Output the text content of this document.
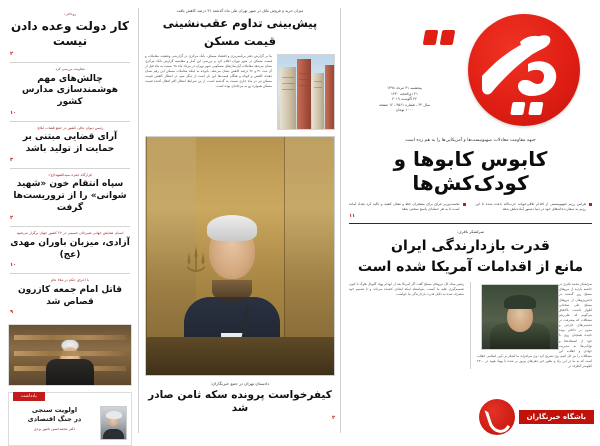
روحانی:
کار دولت وعده دادن نیست
۲
معاونت بررسی کرد
چالش‌های مهم هوشمندسازی مدارس کشور
۱۰
رئیس دیوان عالی کشور در جمع قضات ابلاغ:
آرای قضایی مبتنی بر حمایت از تولید باشد
۳
قرارگاه حمزه سیدالشهدا(ع):
سپاه انتقام خون «شهید شوانی» را از تروریست‌ها گرفت
۲
انسان همایش جهانی شیردلان حسینی در ۲۷ کشور جهان برگزار می‌شود
آزادی، میزبان باوران مهدی (عج)
۱۰
با اجرای حکم در ملاء عام
قاتل امام جمعه کازرون قصاص شد
۹
یادداشت
اولویت سنجی
در جنگ اقتصادی
دکتر محمدحسن نامور یزدی
میزان خرید و فروش ملک در شهر تهران طی ماه گذشته ۳۱ درصد کاهش یافت
پیش‌بینی تداوم عقب‌نشینی
قیمت مسکن
بنا بر گزارش دفتر برنامه‌ریزی و اقتصاد مسکن، بانک مرکزی در گزارشی وضعیت معاملات و قیمت مسکن در شهر تهران اعلام کرد و بررسی این آمار و مقایسه گزارش بانک مرکزی نشان می‌دهد معاملات آپارتمان‌های مسکونی شهر تهران در مرداد ماه ۹۸ نسبت به ماه قبل از آن ثبت ۳۱ و ۲۲ درصد کاهش نشان می‌دهد. باتوجه به اینکه معاملات مسکن این رقم نشان دهنده کاهش و کوتاه و هنگام قیمت‌ها این باز است از دیگر سو، در انتظار کاهش قیمت مسکن نیز در ماه جاری نسبت به گذشته است. از ین شرایط انتظار اکثر افعال کننده قیمت مسکن همواره رو به مرحله‌ای بوده است.
دادستان تهران در جمع خبرنگاران:
کیفرخواست پرونده سکه ثامن صادر شد
۲
پنجشنبه ۳۱ مرداد ۱۳۹۸
۲۱ ذی‌الحجه ۱۴۴۰
۲۲ آگوست ۲۰۱۹
سال ۲۴ ـ شماره ۴۵۶۱ ـ ۱۲ صفحه
۱۰۰۰ تومان
جبهه مقاومت معادلات صهیونیست‌ها و آمریکایی‌ها را به هم زده است
کابوس کابوها و کودک‌کش‌ها
هراس رژیم صهیونیستی از اقدام تلافی‌جویانه حزب‌الله باعث شده تا این رژیم به سفارت‌خانه‌های خود در دنیا دستور آماده‌باش بدهد
نخست‌وزیر عراق برای منفجران خط و نشان کشید و تاکید کرد بغداد آماده است تا به هر حمله‌ای پاسخ سختی بدهد
۱۱
سرلشکر باقری:
قدرت بازدارندگی ایران
مانع از اقدامات آمریکا شده است
سرلشکر محمد باقری در حاشیه بازدید از نیروهای مسلح روز گذشته در دانش‌پژوهان از نیروهای مسلح طی سخنانی اظهار داشت: بالاتفاق می‌گویم که علی‌رغم مشکلات که پیشرفت در دشمنی‌های خارجی و مدون بر داخلی بوده نادیده همچنان روی با خود از استفاده‌ها و توانایی‌ها به مدیریت جهادی و انقلاب این مشکلات را نیز حل کنیم، وی تصریح کرد: وی می‌افزاید ما لشکر بی آیین اسلامی انقلاب است که به ما در این راه و بطور خیر دهی‌های پیروز بر شده با پهپاد هوپد در ۲۳۰۰ کیلومتر آنطرف تر
رئیس ستاد کل نیروهای مسلح گفت اگر آمریکا بعد از انهدام پهپاد گلوبال هاوک تا کنون تصمیم‌گیری علیه ما آنست، به‌واسطه اینکه ابعادی کشنده می‌داند و تا تصمیم خود منصرف شده به دلایل قدرت بازدارندگی ما خواست.
باشگاه خبرنگاران
